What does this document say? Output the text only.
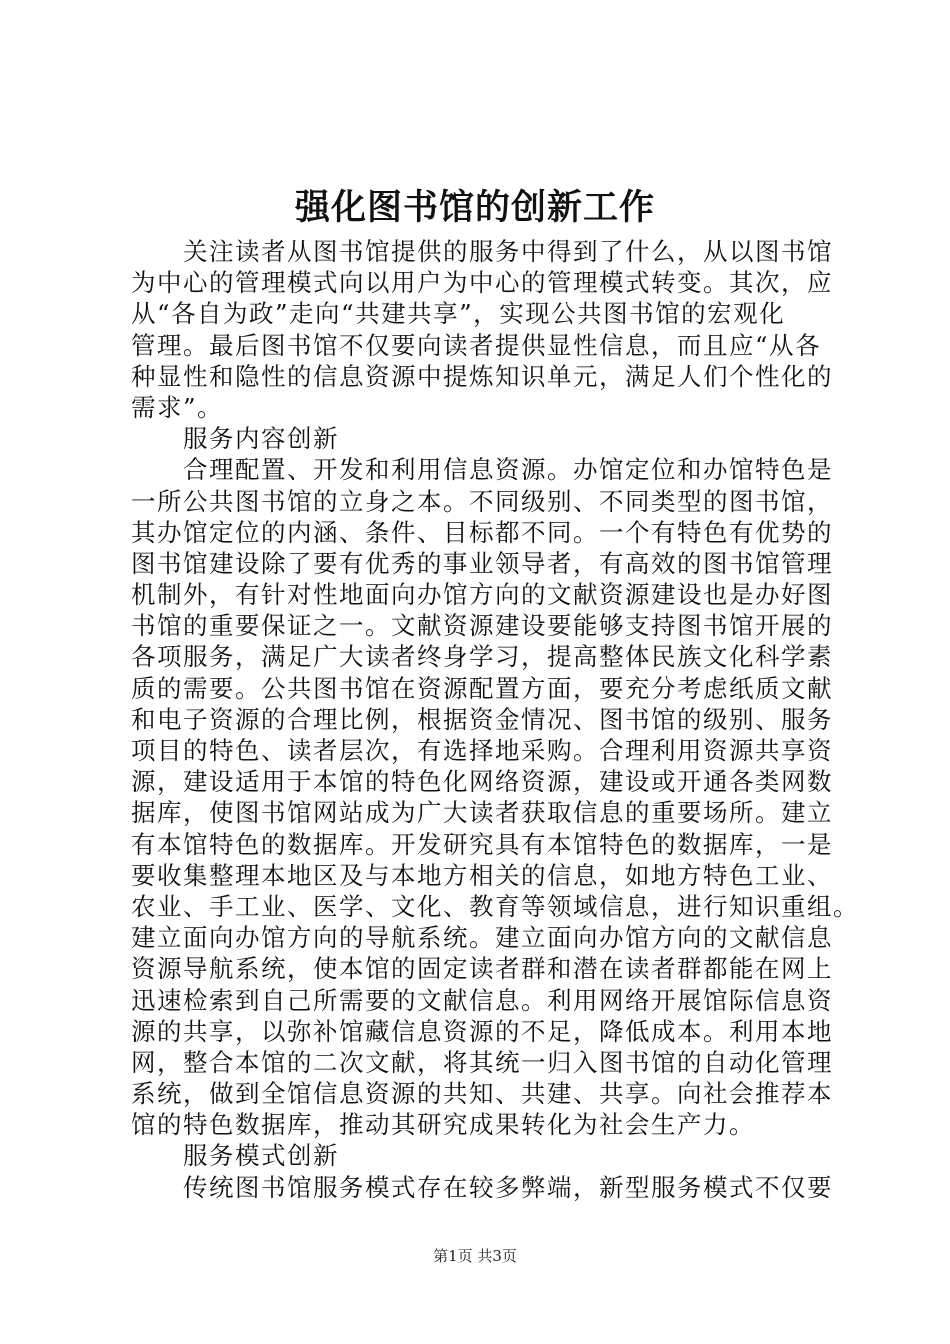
强化图书馆的创新工作
关注读者从图书馆提供的服务中得到了什么，从以图书馆
为中心的管理模式向以用户为中心的管理模式转变。其次，应
从“各自为政”走向“共建共享”，实现公共图书馆的宏观化
管理。最后图书馆不仅要向读者提供显性信息，而且应“从各
种显性和隐性的信息资源中提炼知识单元，满足人们个性化的
需求”。
服务内容创新
合理配置、开发和利用信息资源。办馆定位和办馆特色是
一所公共图书馆的立身之本。不同级别、不同类型的图书馆，
其办馆定位的内涵、条件、目标都不同。一个有特色有优势的
图书馆建设除了要有优秀的事业领导者，有高效的图书馆管理
机制外，有针对性地面向办馆方向的文献资源建设也是办好图
书馆的重要保证之一。文献资源建设要能够支持图书馆开展的
各项服务，满足广大读者终身学习，提高整体民族文化科学素
质的需要。公共图书馆在资源配置方面，要充分考虑纸质文献
和电子资源的合理比例，根据资金情况、图书馆的级别、服务
项目的特色、读者层次，有选择地采购。合理利用资源共享资
源，建设适用于本馆的特色化网络资源，建设或开通各类网数
据库，使图书馆网站成为广大读者获取信息的重要场所。建立
有本馆特色的数据库。开发研究具有本馆特色的数据库，一是
要收集整理本地区及与本地方相关的信息，如地方特色工业、
农业、手工业、医学、文化、教育等领域信息，进行知识重组。
建立面向办馆方向的导航系统。建立面向办馆方向的文献信息
资源导航系统，使本馆的固定读者群和潜在读者群都能在网上
迅速检索到自己所需要的文献信息。利用网络开展馆际信息资
源的共享，以弥补馆藏信息资源的不足，降低成本。利用本地
网，整合本馆的二次文献，将其统一归入图书馆的自动化管理
系统，做到全馆信息资源的共知、共建、共享。向社会推荐本
馆的特色数据库，推动其研究成果转化为社会生产力。
服务模式创新
传统图书馆服务模式存在较多弊端，新型服务模式不仅要
第1页 共3页
